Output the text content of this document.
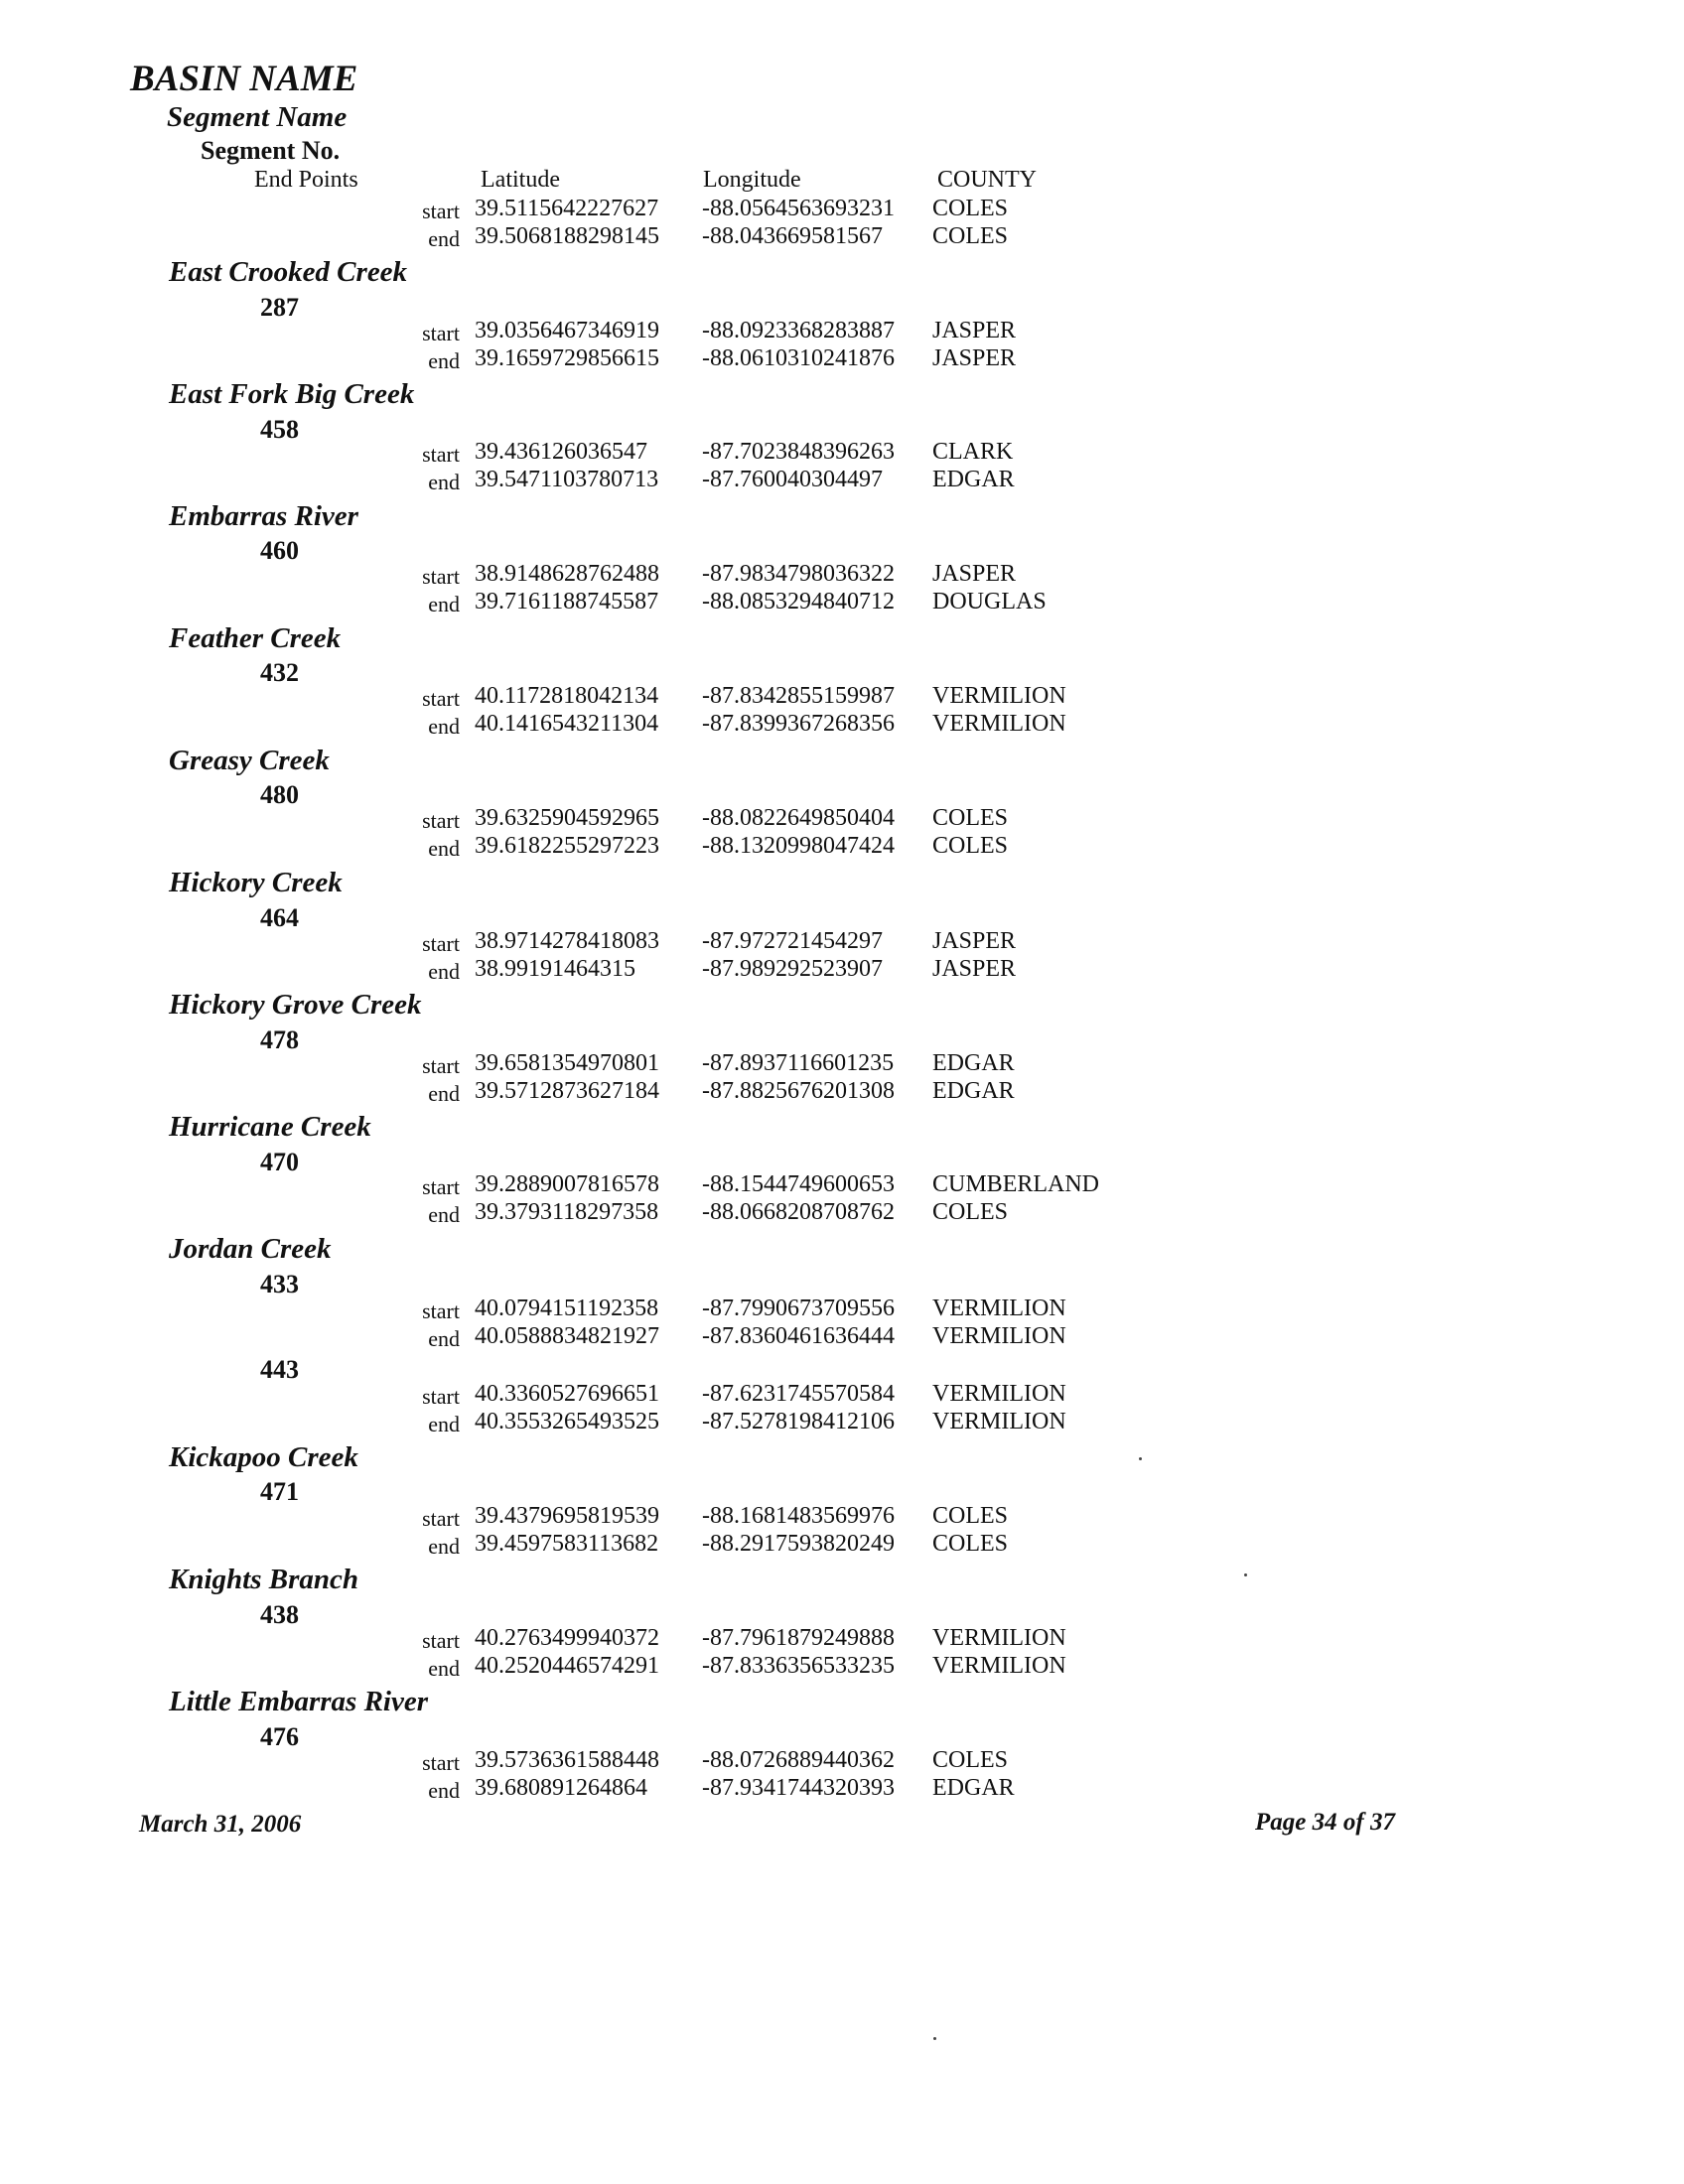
BASIN NAME
Segment Name
Segment No.
End Points	Latitude	Longitude	COUNTY
start 39.5115642227627 -88.0564563693231 COLES
end 39.5068188298145 -88.043669581567 COLES
East Crooked Creek
287
start 39.0356467346919 -88.0923368283887 JASPER
end 39.1659729856615 -88.0610310241876 JASPER
East Fork Big Creek
458
start 39.436126036547 -87.7023848396263 CLARK
end 39.5471103780713 -87.760040304497 EDGAR
Embarras River
460
start 38.9148628762488 -87.9834798036322 JASPER
end 39.7161188745587 -88.0853294840712 DOUGLAS
Feather Creek
432
start 40.1172818042134 -87.8342855159987 VERMILION
end 40.1416543211304 -87.8399367268356 VERMILION
Greasy Creek
480
start 39.6325904592965 -88.0822649850404 COLES
end 39.6182255297223 -88.1320998047424 COLES
Hickory Creek
464
start 38.9714278418083 -87.972721454297 JASPER
end 38.99191464315	-87.989292523907 JASPER
Hickory Grove Creek
478
start 39.6581354970801 -87.8937116601235 EDGAR
end 39.5712873627184 -87.8825676201308 EDGAR
Hurricane Creek
470
start 39.2889007816578 -88.1544749600653 CUMBERLAND
end 39.3793118297358 -88.0668208708762 COLES
Jordan Creek
433
start 40.0794151192358 -87.7990673709556 VERMILION
end 40.0588834821927 -87.8360461636444 VERMILION
443
start 40.3360527696651 -87.6231745570584 VERMILION
end 40.3553265493525 -87.5278198412106 VERMILION
Kickapoo Creek
471
start 39.4379695819539 -88.1681483569976 COLES
end 39.4597583113682 -88.2917593820249 COLES
Knights Branch
438
start 40.2763499940372 -87.7961879249888 VERMILION
end 40.2520446574291 -87.8336356533235 VERMILION
Little Embarras River
476
start 39.5736361588448 -88.0726889440362 COLES
end 39.680891264864 -87.9341744320393 EDGAR
March 31, 2006	Page 34 of 37
